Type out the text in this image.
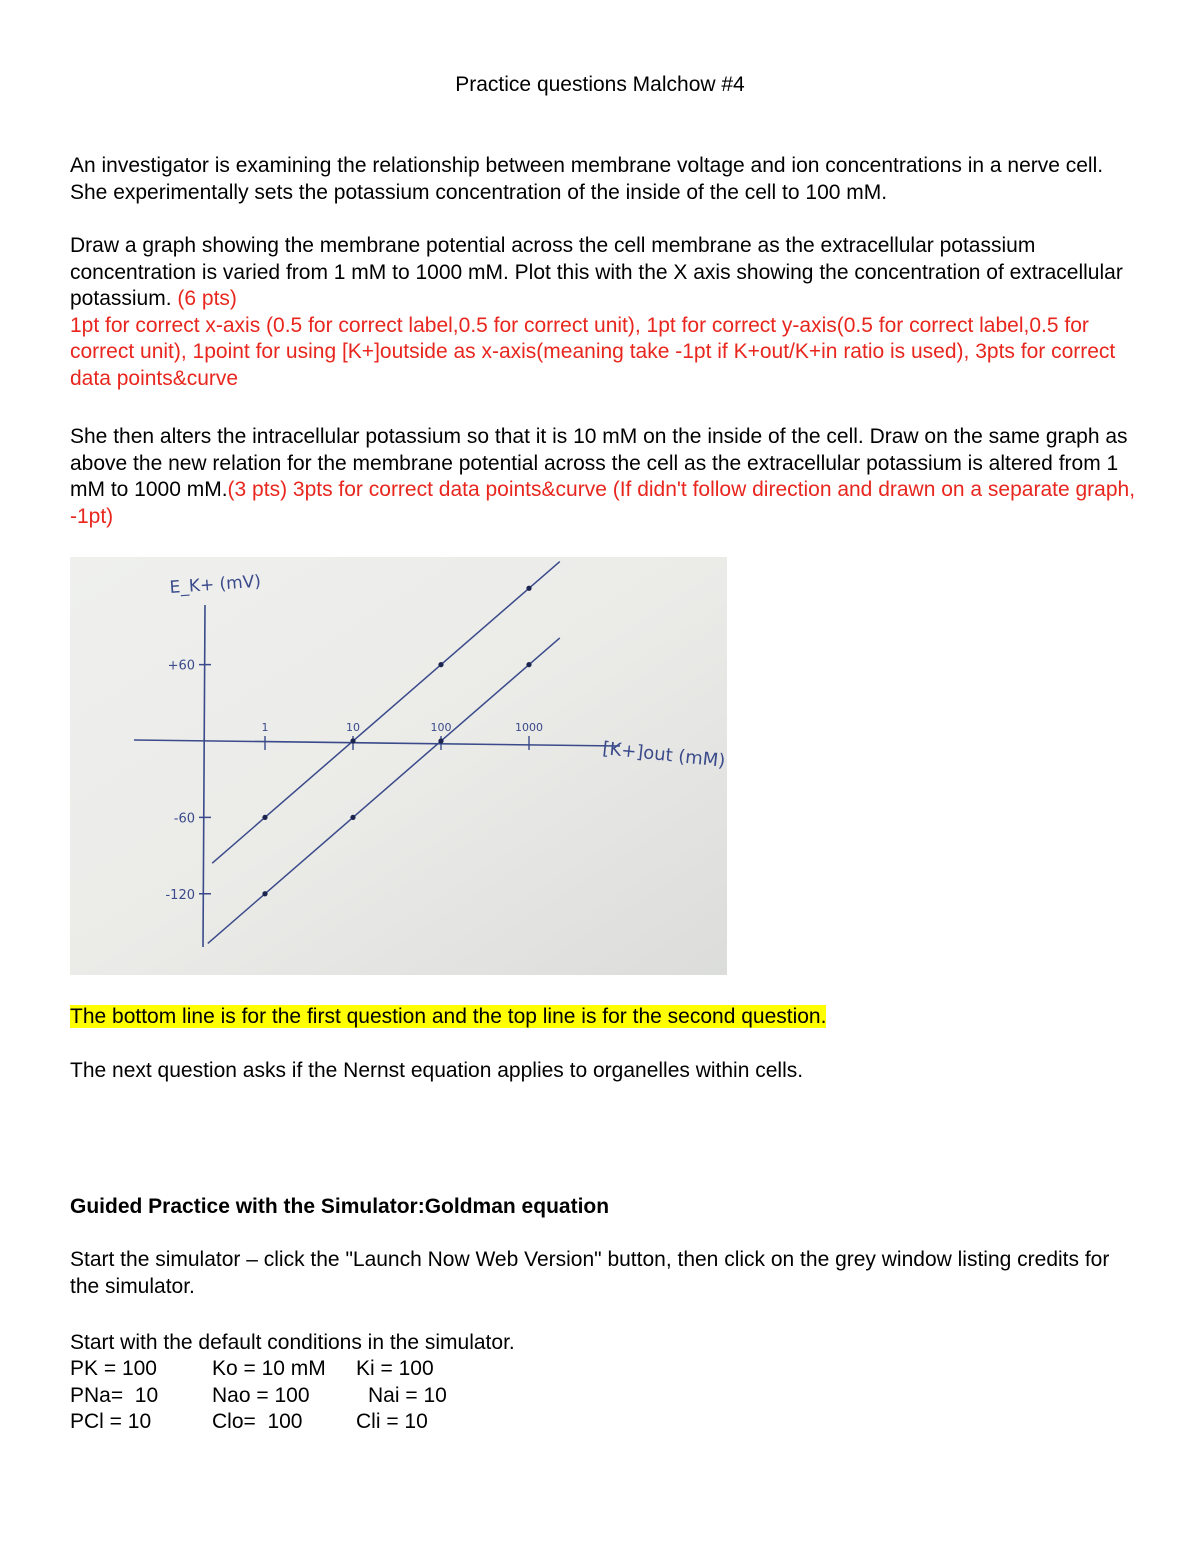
Practice questions Malchow #4
An investigator is examining the relationship between membrane voltage and ion concentrations in a nerve cell. She experimentally sets the potassium concentration of the inside of the cell to 100 mM.
Draw a graph showing the membrane potential across the cell membrane as the extracellular potassium concentration is varied from 1 mM to 1000 mM. Plot this with the X axis showing the concentration of extracellular potassium. (6 pts)
1pt for correct x-axis (0.5 for correct label,0.5 for correct unit), 1pt for correct y-axis(0.5 for correct label,0.5 for correct unit), 1point for using [K+]outside as x-axis(meaning take -1pt if K+out/K+in ratio is used), 3pts for correct data points&curve
She then alters the intracellular potassium so that it is 10 mM on the inside of the cell. Draw on the same graph as above the new relation for the membrane potential across the cell as the extracellular potassium is altered from 1 mM to 1000 mM.(3 pts) 3pts for correct data points&curve (If didn't follow direction and drawn on a separate graph, -1pt)
E_K+ (mV)
[K+]out (mM)
+60
-60
-120
1	10	100	1000
The bottom line is for the first question and the top line is for the second question.
The next question asks if the Nernst equation applies to organelles within cells.
Guided Practice with the Simulator:Goldman equation
Start the simulator – click the "Launch Now Web Version" button, then click on the grey window listing credits for the simulator.
Start with the default conditions in the simulator.
PK = 100	Ko = 10 mM	Ki = 100
PNa=  10	Nao = 100	Nai = 10
PCl = 10	Clo=  100	Cli = 10
